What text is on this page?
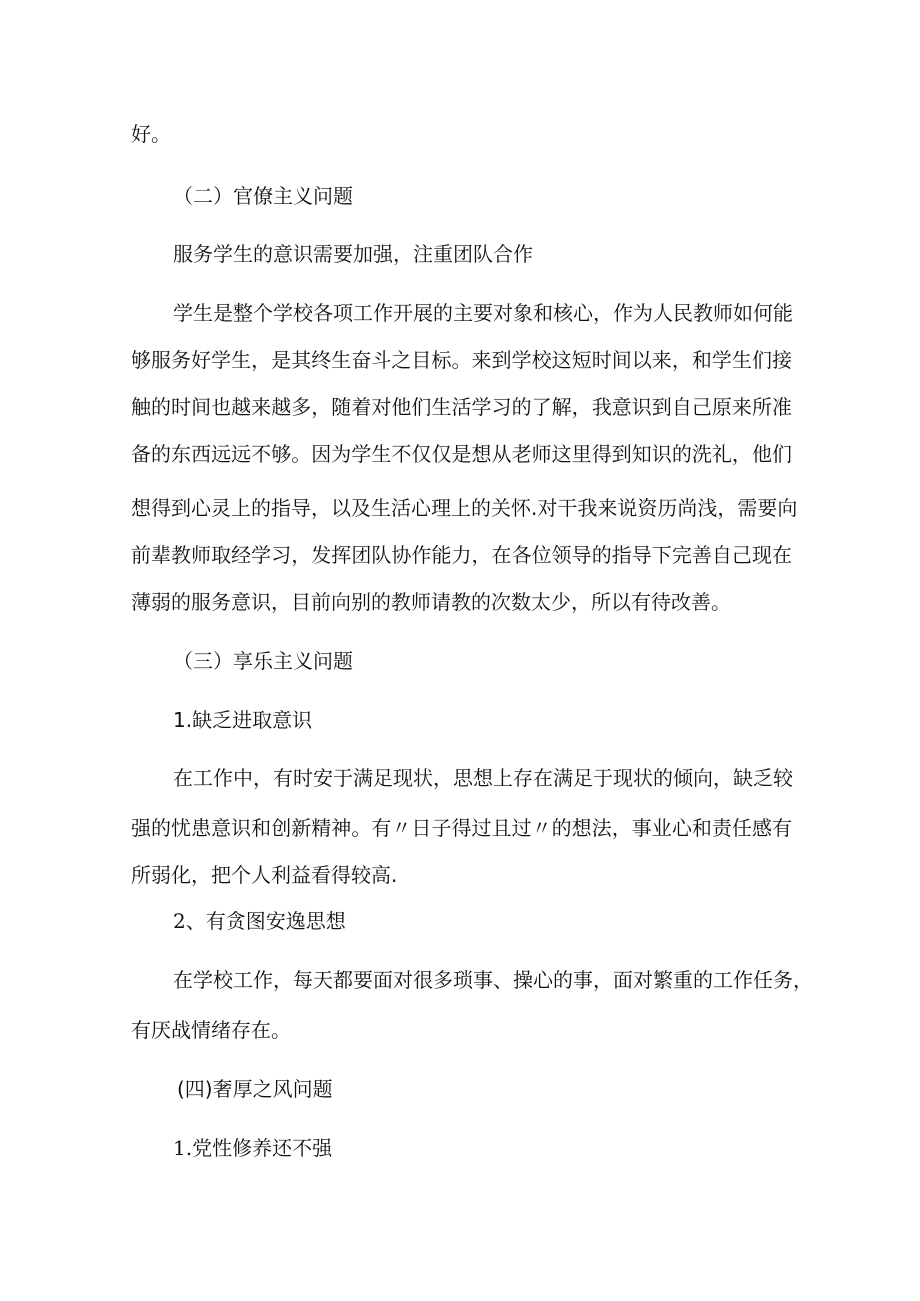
好。
（二）官僚主义问题
服务学生的意识需要加强，注重团队合作
学生是整个学校各项工作开展的主要对象和核心，作为人民教师如何能
够服务好学生，是其终生奋斗之目标。来到学校这短时间以来，和学生们接
触的时间也越来越多，随着对他们生活学习的了解，我意识到自己原来所准
备的东西远远不够。因为学生不仅仅是想从老师这里得到知识的洗礼，他们
想得到心灵上的指导，以及生活心理上的关怀.对干我来说资历尚浅，需要向
前辈教师取经学习，发挥团队协作能力，在各位领导的指导下完善自己现在
薄弱的服务意识，目前向别的教师请教的次数太少，所以有待改善。
（三）享乐主义问题
1.缺乏进取意识
在工作中，有时安于满足现状，思想上存在满足于现状的倾向，缺乏较
强的忧患意识和创新精神。有〃日子得过且过〃的想法，事业心和责任感有
所弱化，把个人利益看得较高.
2、有贪图安逸思想
在学校工作，每天都要面对很多琐事、操心的事，面对繁重的工作任务，
有厌战情绪存在。
(四)奢厚之风问题
1.党性修养还不强
